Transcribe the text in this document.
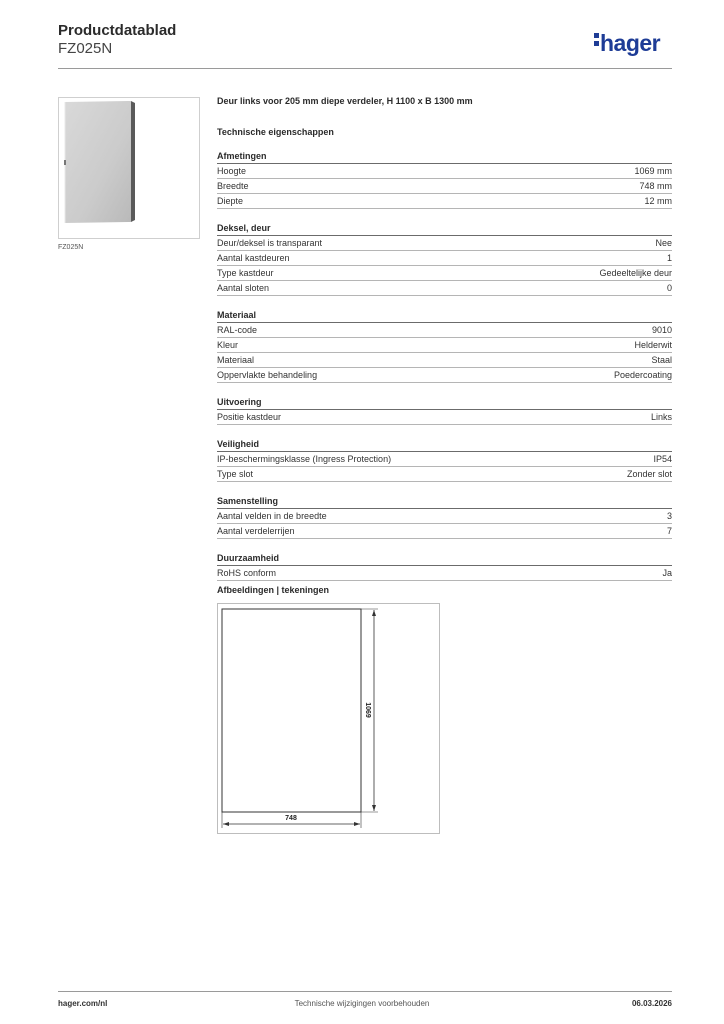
Productdatablad
FZ025N	hager
FZ025N
Deur links voor 205 mm diepe verdeler, H 1100 x B 1300 mm
Technische eigenschappen
Afmetingen
Hoogte	1069 mm
Breedte	748 mm
Diepte	12 mm
Deksel, deur
Deur/deksel is transparant	Nee
Aantal kastdeuren	1
Type kastdeur	Gedeeltelijke deur
Aantal sloten	0
Materiaal
RAL-code	9010
Kleur	Helderwit
Materiaal	Staal
Oppervlakte behandeling	Poedercoating
Uitvoering
Positie kastdeur	Links
Veiligheid
IP-beschermingsklasse (Ingress Protection)	IP54
Type slot	Zonder slot
Samenstelling
Aantal velden in de breedte	3
Aantal verdelerrijen	7
Duurzaamheid
RoHS conform	Ja
Afbeeldingen | tekeningen
1069
748
hager.com/nl	Technische wijzigingen voorbehouden	06.03.2026
